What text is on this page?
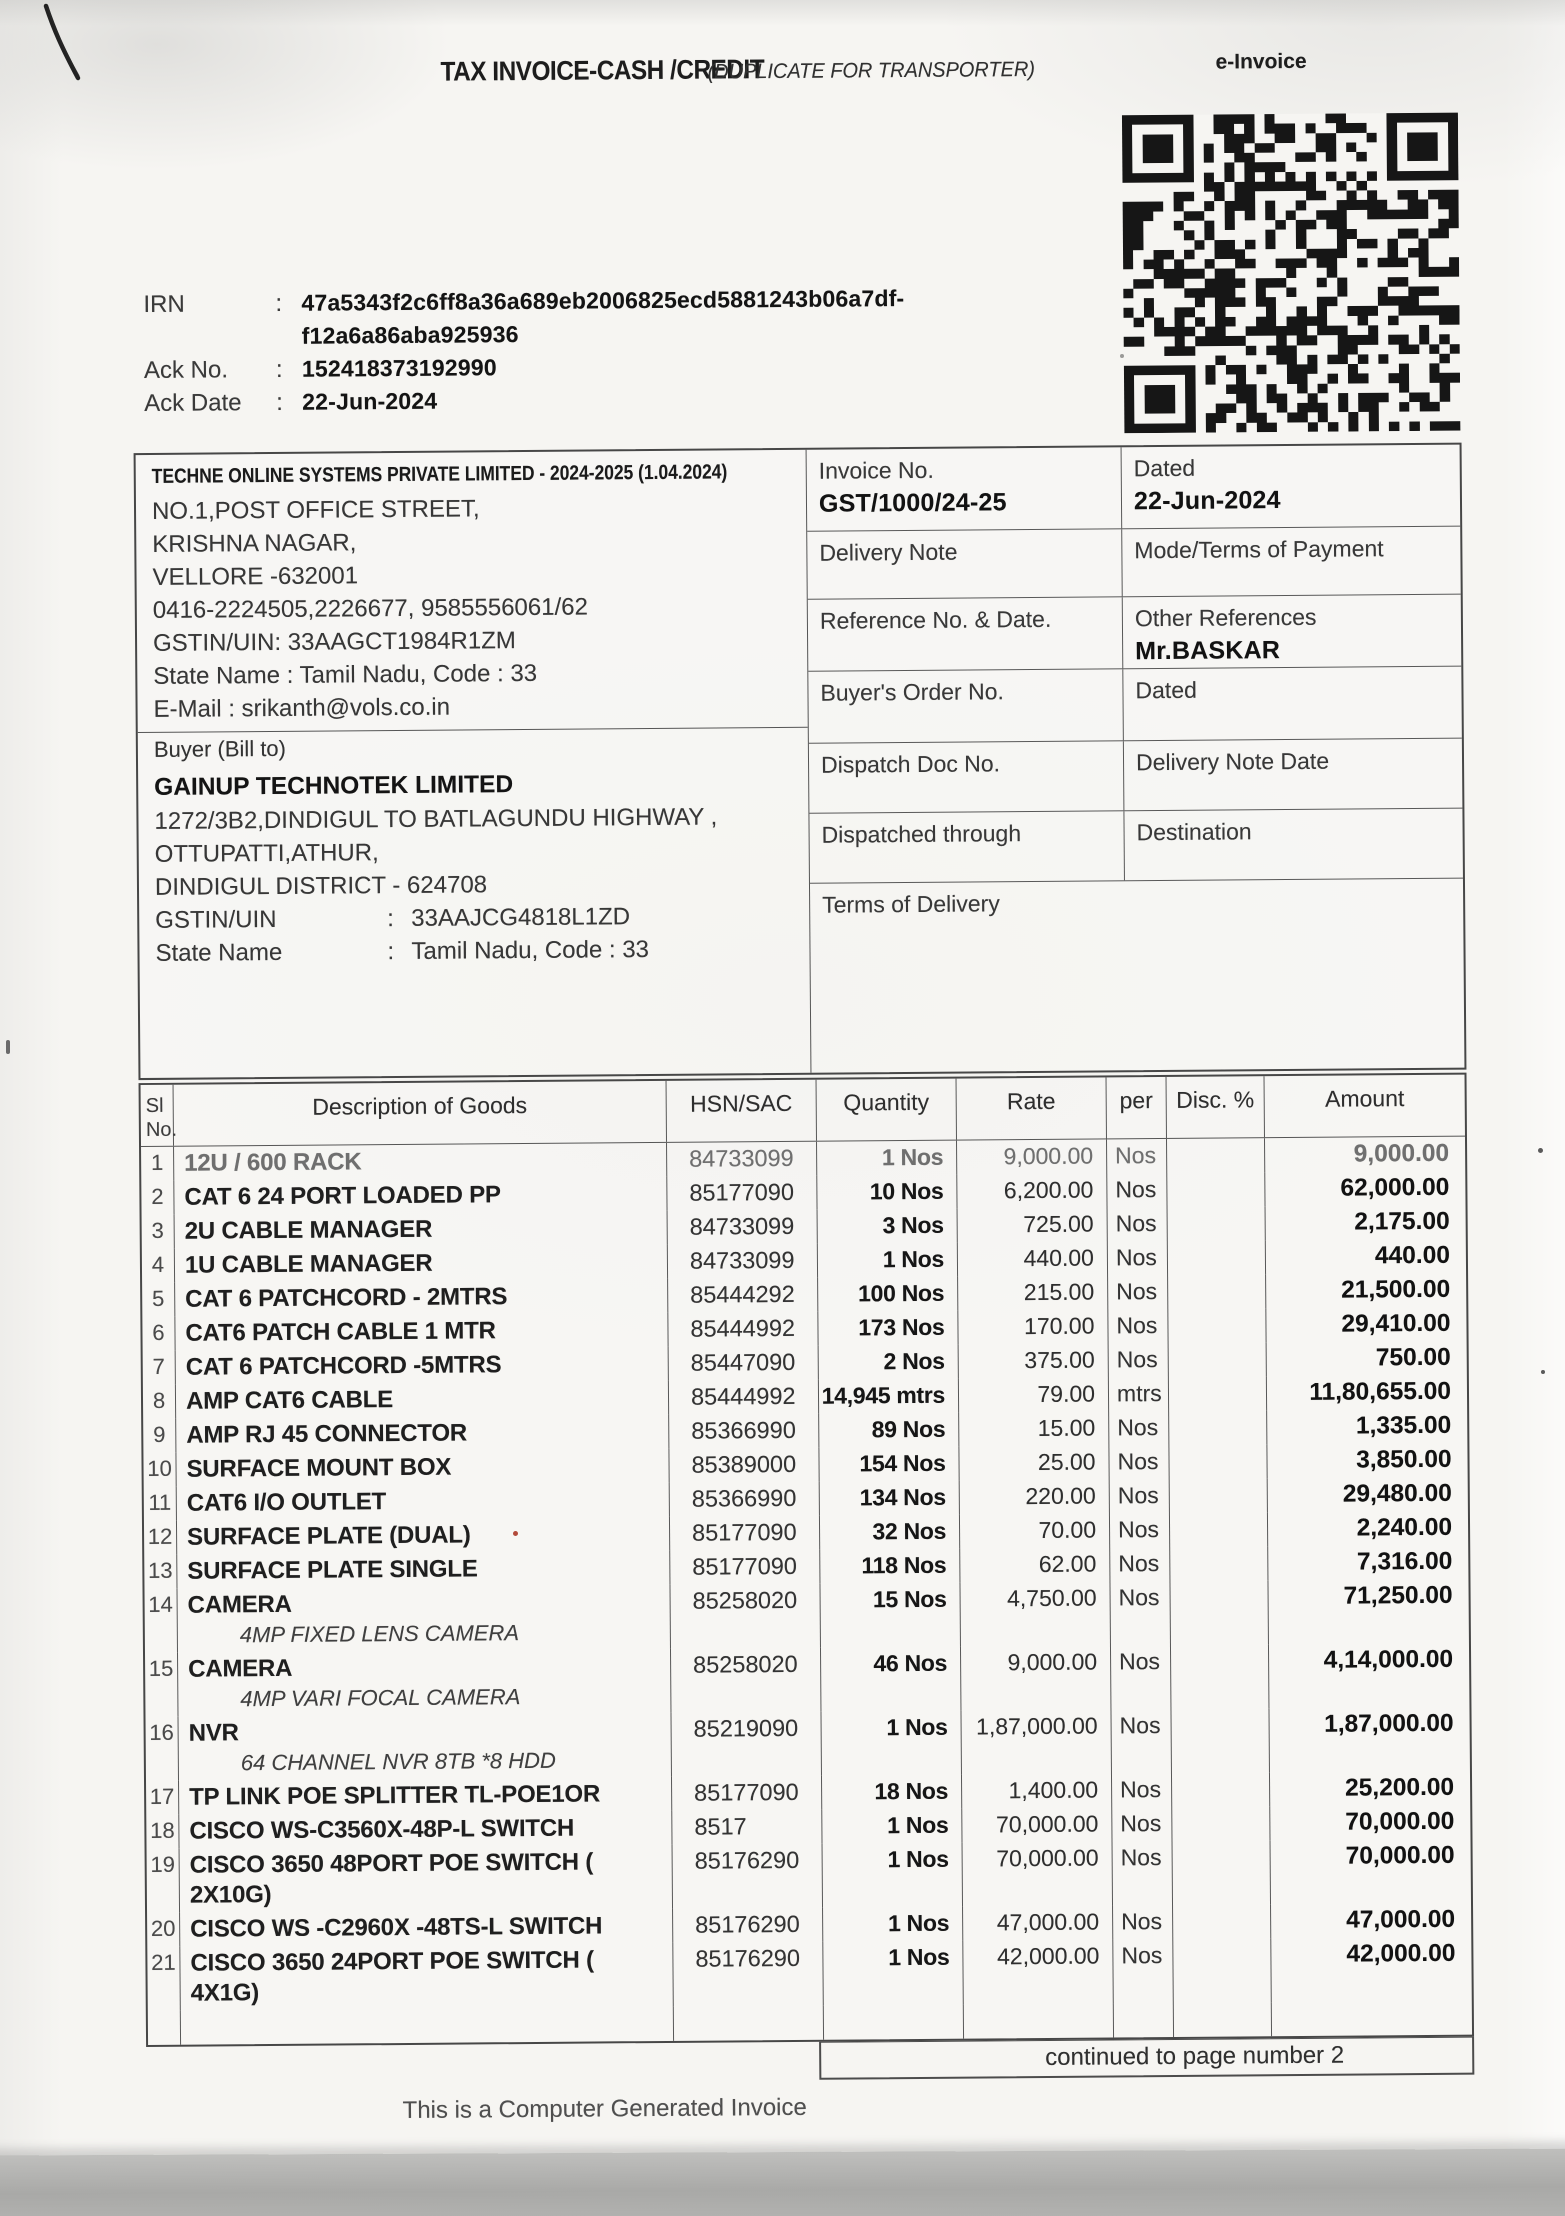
TAX INVOICE-CASH /CREDIT
(DUPLICATE FOR TRANSPORTER)	e-Invoice
IRN	: 47a5343f2c6ff8a36a689eb2006825ecd5881243b06a7df-
f12a6a86aba925936
Ack No.	: 152418373192990
Ack Date	: 22-Jun-2024
TECHNE ONLINE SYSTEMS PRIVATE LIMITED - 2024-2025 (1.04.2024)
NO.1,POST OFFICE STREET,
KRISHNA NAGAR,
VELLORE -632001
0416-2224505,2226677, 9585556061/62
GSTIN/UIN: 33AAGCT1984R1ZM
State Name : Tamil Nadu, Code : 33
E-Mail : srikanth@vols.co.in
Buyer (Bill to)
GAINUP TECHNOTEK LIMITED
1272/3B2,DINDIGUL TO BATLAGUNDU HIGHWAY ,
OTTUPATTI,ATHUR,
DINDIGUL DISTRICT - 624708
GSTIN/UIN	: 33AAJCG4818L1ZD
State Name	: Tamil Nadu, Code : 33
Invoice No.
GST/1000/24-25
Dated
22-Jun-2024
Delivery Note	Mode/Terms of Payment
Reference No. & Date.	Other References
Mr.BASKAR
Buyer's Order No.	Dated
Dispatch Doc No.	Delivery Note Date
Dispatched through	Destination
Terms of Delivery
Sl
No.
Description of Goods	HSN/SAC	Quantity	Rate	per	Disc. %	Amount
1 12U / 600 RACK	84733099	1 Nos	9,000.00 Nos	9,000.00
2 CAT 6 24 PORT LOADED PP	85177090	10 Nos	6,200.00 Nos	62,000.00
3 2U CABLE MANAGER	84733099	3 Nos	725.00 Nos	2,175.00
4 1U CABLE MANAGER	84733099	1 Nos	440.00 Nos	440.00
5 CAT 6 PATCHCORD - 2MTRS	85444292	100 Nos	215.00 Nos	21,500.00
6 CAT6 PATCH CABLE 1 MTR	85444992	173 Nos	170.00 Nos	29,410.00
7 CAT 6 PATCHCORD -5MTRS	85447090	2 Nos	375.00 Nos	750.00
8 AMP CAT6 CABLE	85444992	14,945 mtrs	79.00 mtrs	11,80,655.00
9 AMP RJ 45 CONNECTOR	85366990	89 Nos	15.00 Nos	1,335.00
10 SURFACE MOUNT BOX	85389000	154 Nos	25.00 Nos	3,850.00
11 CAT6 I/O OUTLET	85366990	134 Nos	220.00 Nos	29,480.00
12 SURFACE PLATE (DUAL)	85177090	32 Nos	70.00 Nos	2,240.00
13 SURFACE PLATE SINGLE	85177090	118 Nos	62.00 Nos	7,316.00
14 CAMERA
4MP FIXED LENS CAMERA
85258020	15 Nos	4,750.00 Nos	71,250.00
15 CAMERA
4MP VARI FOCAL CAMERA
85258020	46 Nos	9,000.00 Nos	4,14,000.00
16 NVR
64 CHANNEL NVR 8TB *8 HDD
85219090	1 Nos	1,87,000.00 Nos	1,87,000.00
17 TP LINK POE SPLITTER TL-POE1OR	85177090	18 Nos	1,400.00 Nos	25,200.00
18 CISCO WS-C3560X-48P-L SWITCH	8517	1 Nos	70,000.00 Nos	70,000.00
19 CISCO 3650 48PORT POE SWITCH ( 2X10G)
85176290	1 Nos	70,000.00 Nos	70,000.00
20 CISCO WS -C2960X -48TS-L SWITCH	85176290	1 Nos	47,000.00 Nos	47,000.00
21 CISCO 3650 24PORT POE SWITCH ( 4X1G)
85176290	1 Nos	42,000.00 Nos	42,000.00
continued to page number 2
This is a Computer Generated Invoice
